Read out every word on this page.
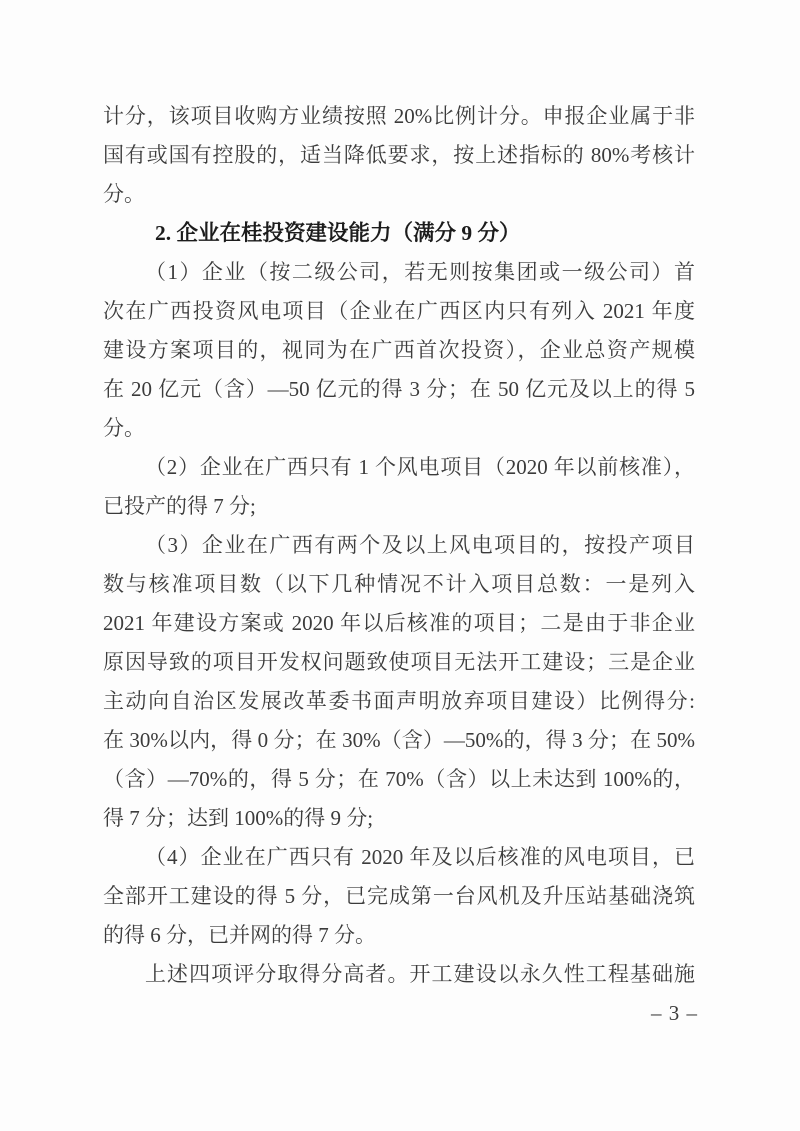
计分，该项目收购方业绩按照 20%比例计分。申报企业属于非
国有或国有控股的，适当降低要求，按上述指标的 80%考核计
分。
2. 企业在桂投资建设能力（满分 9 分）
（1）企业（按二级公司，若无则按集团或一级公司）首
次在广西投资风电项目（企业在广西区内只有列入 2021 年度
建设方案项目的，视同为在广西首次投资），企业总资产规模
在 20 亿元（含）—50 亿元的得 3 分；在 50 亿元及以上的得 5
分。
（2）企业在广西只有 1 个风电项目（2020 年以前核准），
已投产的得 7 分;
（3）企业在广西有两个及以上风电项目的，按投产项目
数与核准项目数（以下几种情况不计入项目总数：一是列入
2021 年建设方案或 2020 年以后核准的项目；二是由于非企业
原因导致的项目开发权问题致使项目无法开工建设；三是企业
主动向自治区发展改革委书面声明放弃项目建设）比例得分:
在 30%以内，得 0 分；在 30%（含）—50%的，得 3 分；在 50%
（含）—70%的，得 5 分；在 70%（含）以上未达到 100%的，
得 7 分；达到 100%的得 9 分;
（4）企业在广西只有 2020 年及以后核准的风电项目，已
全部开工建设的得 5 分，已完成第一台风机及升压站基础浇筑
的得 6 分，已并网的得 7 分。
上述四项评分取得分高者。开工建设以永久性工程基础施
– 3 –
